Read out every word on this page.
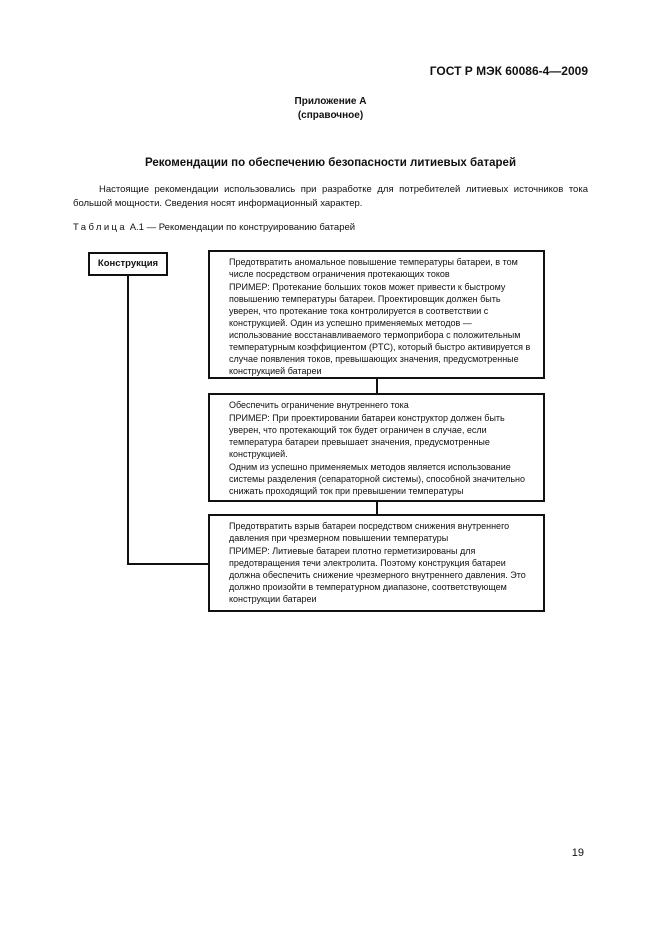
ГОСТ Р МЭК 60086-4—2009
Приложение А
(справочное)
Рекомендации по обеспечению безопасности литиевых батарей
Настоящие рекомендации использовались при разработке для потребителей литиевых источников тока большой мощности. Сведения носят информационный характер.
Таблица А.1 — Рекомендации по конструированию батарей
Конструкция	Предотвратить аномальное повышение температуры батареи, в том числе посредством ограничения протекающих токов

ПРИМЕР: Протекание больших токов может привести к быстрому повышению температуры батареи. Проектировщик должен быть уверен, что протекание тока контролируется в соответствии с конструкцией. Один из успешно применяемых методов — использование восстанавливаемого термоприбора с положительным температурным коэффициентом (PTC), который быстро активируется в случае появления токов, превышающих значения, предусмотренные конструкцией батареи

Обеспечить ограничение внутреннего тока

ПРИМЕР: При проектировании батареи конструктор должен быть уверен, что протекающий ток будет ограничен в случае, если температура батареи превышает значения, предусмотренные конструкцией.

Одним из успешно применяемых методов является использование системы разделения (сепараторной системы), способной значительно снижать проходящий ток при превышении температуры

Предотвратить взрыв батареи посредством снижения внутреннего давления при чрезмерном повышении температуры

ПРИМЕР: Литиевые батареи плотно герметизированы для предотвращения течи электролита. Поэтому конструкция батареи должна обеспечить снижение чрезмерного внутреннего давления. Это должно произойти в температурном диапазоне, соответствующем конструкции батареи

19
